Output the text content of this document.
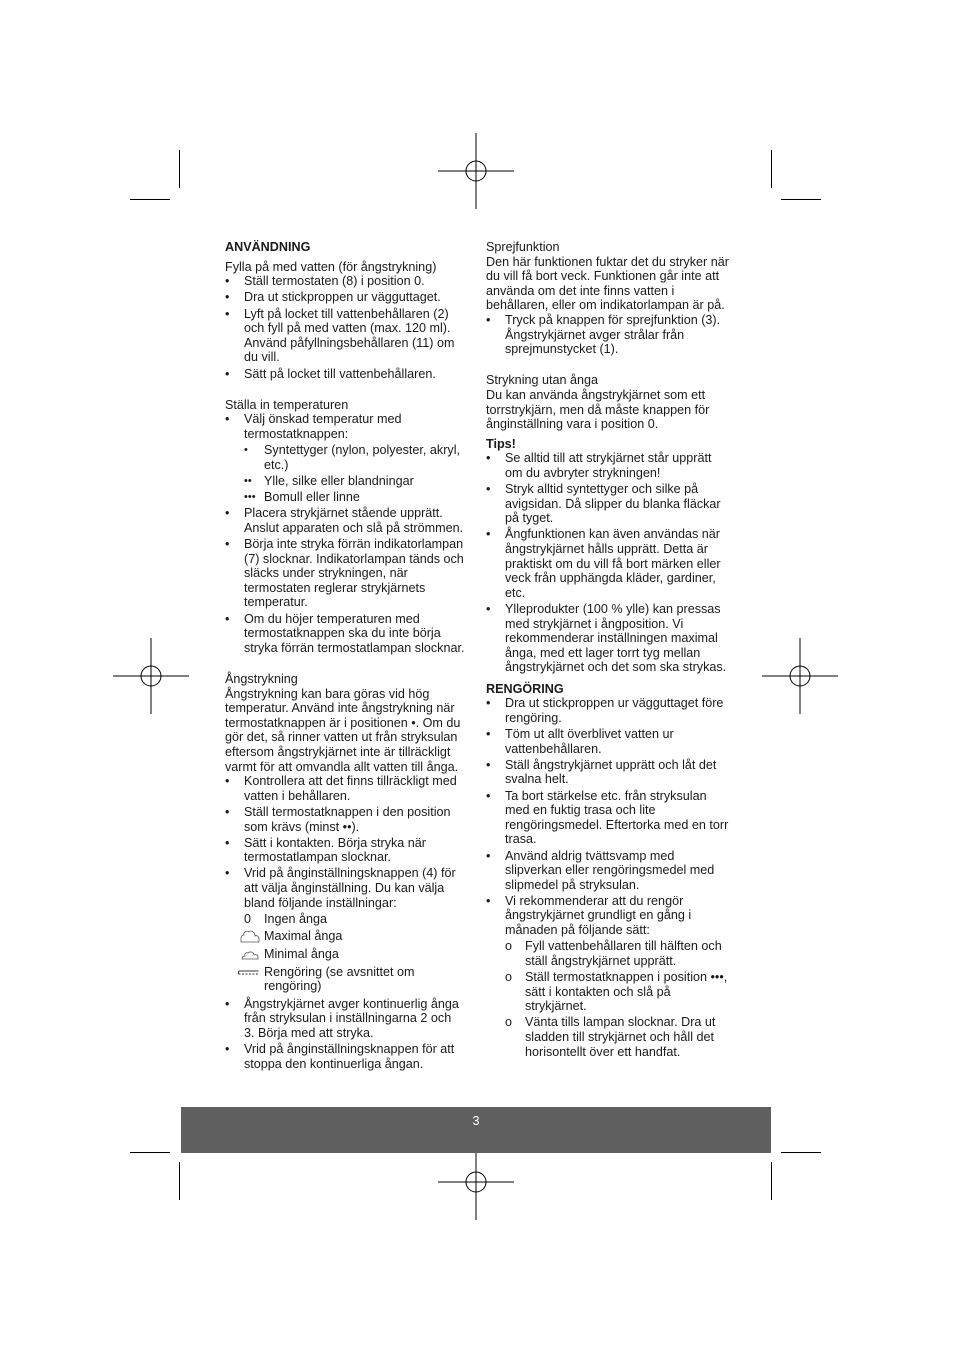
ANVÄNDNING

Fylla på med vatten (för ångstrykning)

• Ställ termostaten (8) i position 0.
• Dra ut stickproppen ur vägguttaget.
• Lyft på locket till vattenbehållaren (2) och fyll på med vatten (max. 120 ml). Använd påfyllningsbehållaren (11) om du vill.
• Sätt på locket till vattenbehållaren.

Ställa in temperaturen

• Välj önskad temperatur med termostatknappen:
• Syntettyger (nylon, polyester, akryl, etc.)
•• Ylle, silke eller blandningar
••• Bomull eller linne
• Placera strykjärnet stående upprätt. Anslut apparaten och slå på strömmen.
• Börja inte stryka förrän indikatorlampan (7) slocknar. Indikatorlampan tänds och släcks under strykningen, när termostaten reglerar strykjärnets temperatur.
• Om du höjer temperaturen med termostatknappen ska du inte börja stryka förrän termostatlampan slocknar.

Ångstrykning

Ångstrykning kan bara göras vid hög temperatur. Använd inte ångstrykning när termostatknappen är i positionen •. Om du gör det, så rinner vatten ut från stryksulan eftersom ångstrykjärnet inte är tillräckligt varmt för att omvandla allt vatten till ånga.

• Kontrollera att det finns tillräckligt med vatten i behållaren.
• Ställ termostatknappen i den position som krävs (minst ••).
• Sätt i kontakten. Börja stryka när termostatlampan slocknar.
• Vrid på ånginställningsknappen (4) för att välja ånginställning. Du kan välja bland följande inställningar:
0	Ingen ånga
Maximal ånga
Minimal ånga
Rengöring (se avsnittet om rengöring)
• Ångstrykjärnet avger kontinuerlig ånga från stryksulan i inställningarna 2 och 3. Börja med att stryka.
• Vrid på ånginställningsknappen för att stoppa den kontinuerliga ångan.

Sprejfunktion

Den här funktionen fuktar det du stryker när du vill få bort veck. Funktionen går inte att använda om det inte finns vatten i behållaren, eller om indikatorlampan är på.

• Tryck på knappen för sprejfunktion (3). Ångstrykjärnet avger strålar från sprejmunstycket (1).

Strykning utan ånga

Du kan använda ångstrykjärnet som ett torrstrykjärn, men då måste knappen för ånginställning vara i position 0.

Tips!

• Se alltid till att strykjärnet står upprätt om du avbryter strykningen!
• Stryk alltid syntettyger och silke på avigsidan. Då slipper du blanka fläckar på tyget.
• Ångfunktionen kan även användas när ångstrykjärnet hålls upprätt. Detta är praktiskt om du vill få bort märken eller veck från upphängda kläder, gardiner, etc.
• Ylleprodukter (100 % ylle) kan pressas med strykjärnet i ångposition. Vi rekommenderar inställningen maximal ånga, med ett lager torrt tyg mellan ångstrykjärnet och det som ska strykas.

RENGÖRING

• Dra ut stickproppen ur vägguttaget före rengöring.
• Töm ut allt överblivet vatten ur vattenbehållaren.
• Ställ ångstrykjärnet upprätt och låt det svalna helt.
• Ta bort stärkelse etc. från stryksulan med en fuktig trasa och lite rengöringsmedel. Eftertorka med en torr trasa.
• Använd aldrig tvättsvamp med slipverkan eller rengöringsmedel med slipmedel på stryksulan.
• Vi rekommenderar att du rengör ångstrykjärnet grundligt en gång i månaden på följande sätt:
o Fyll vattenbehållaren till hälften och ställ ångstrykjärnet upprätt.
o Ställ termostatknappen i position •••, sätt i kontakten och slå på strykjärnet.
o Vänta tills lampan slocknar. Dra ut sladden till strykjärnet och håll det horisontellt över ett handfat.
3
